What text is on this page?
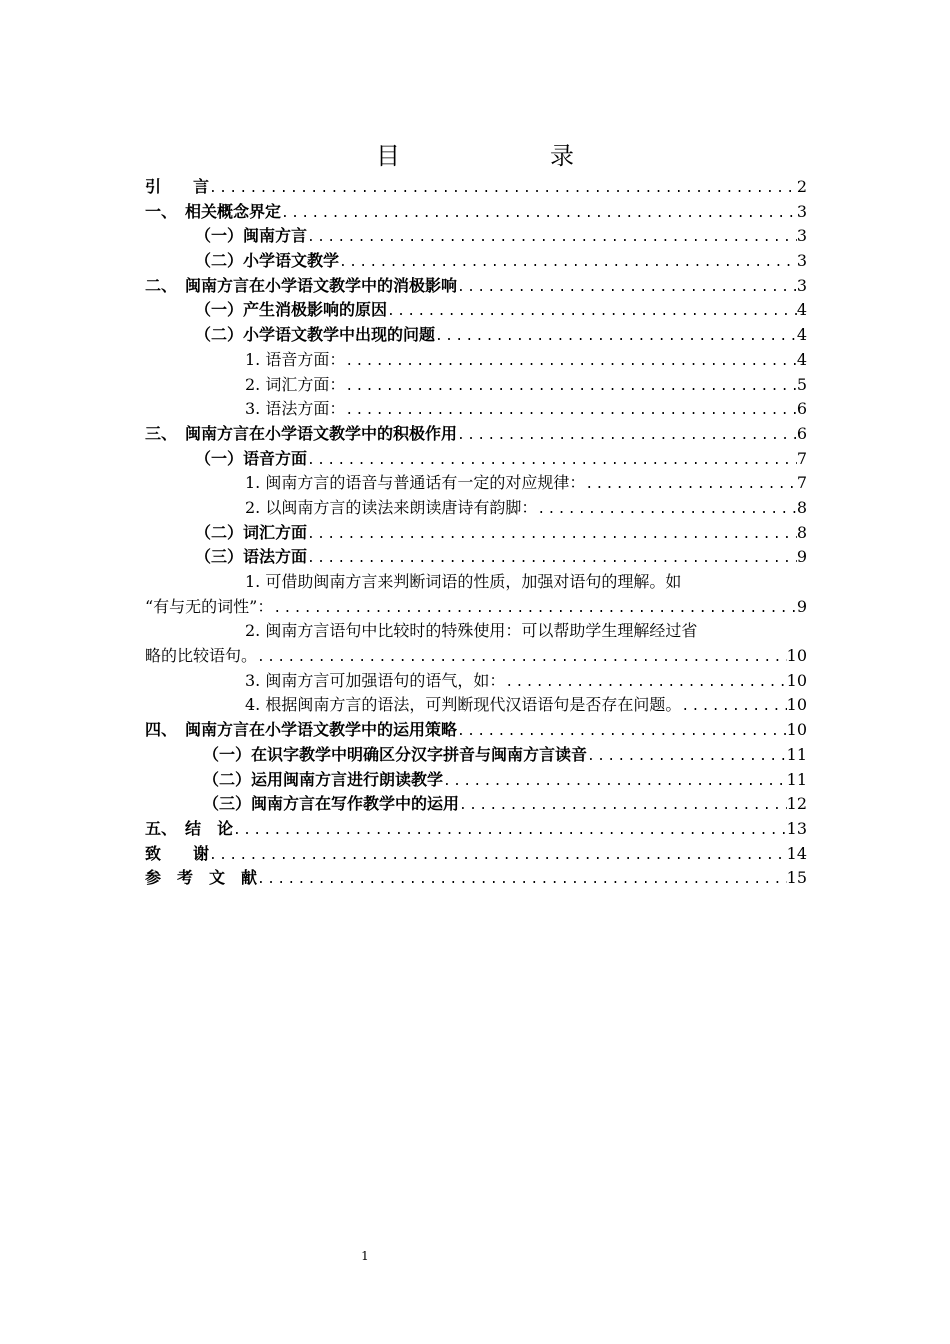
目　　录
引　　言 .....	2
一、　相关概念界定 .....	3
（一）闽南方言 .....	3
（二）小学语文教学 .....	3
二、　闽南方言在小学语文教学中的消极影响 .....	3
（一）产生消极影响的原因 .....	4
（二）小学语文教学中出现的问题 .....	4
1. 语音方面： .....	4
2. 词汇方面： .....	5
3. 语法方面： .....	6
三、　闽南方言在小学语文教学中的积极作用 .....	6
（一）语音方面 .....	7
1. 闽南方言的语音与普通话有一定的对应规律： .....	7
2. 以闽南方言的读法来朗读唐诗有韵脚： .....	8
（二）词汇方面 .....	8
（三）语法方面 .....	9
1. 可借助闽南方言来判断词语的性质，加强对语句的理解。如
“有与无的词性”： .....	9
2. 闽南方言语句中比较时的特殊使用：可以帮助学生理解经过省
略的比较语句。 .....	10
3. 闽南方言可加强语句的语气，如： .....	10
4. 根据闽南方言的语法，可判断现代汉语语句是否存在问题。 .....	10
四、　闽南方言在小学语文教学中的运用策略 .....	10
（一）在识字教学中明确区分汉字拼音与闽南方言读音 .....	11
（二）运用闽南方言进行朗读教学 .....	11
（三）闽南方言在写作教学中的运用 .....	12
五、　结　论 .....	13
致　　谢 .....	14
参　考　文　献 .....	15
1
